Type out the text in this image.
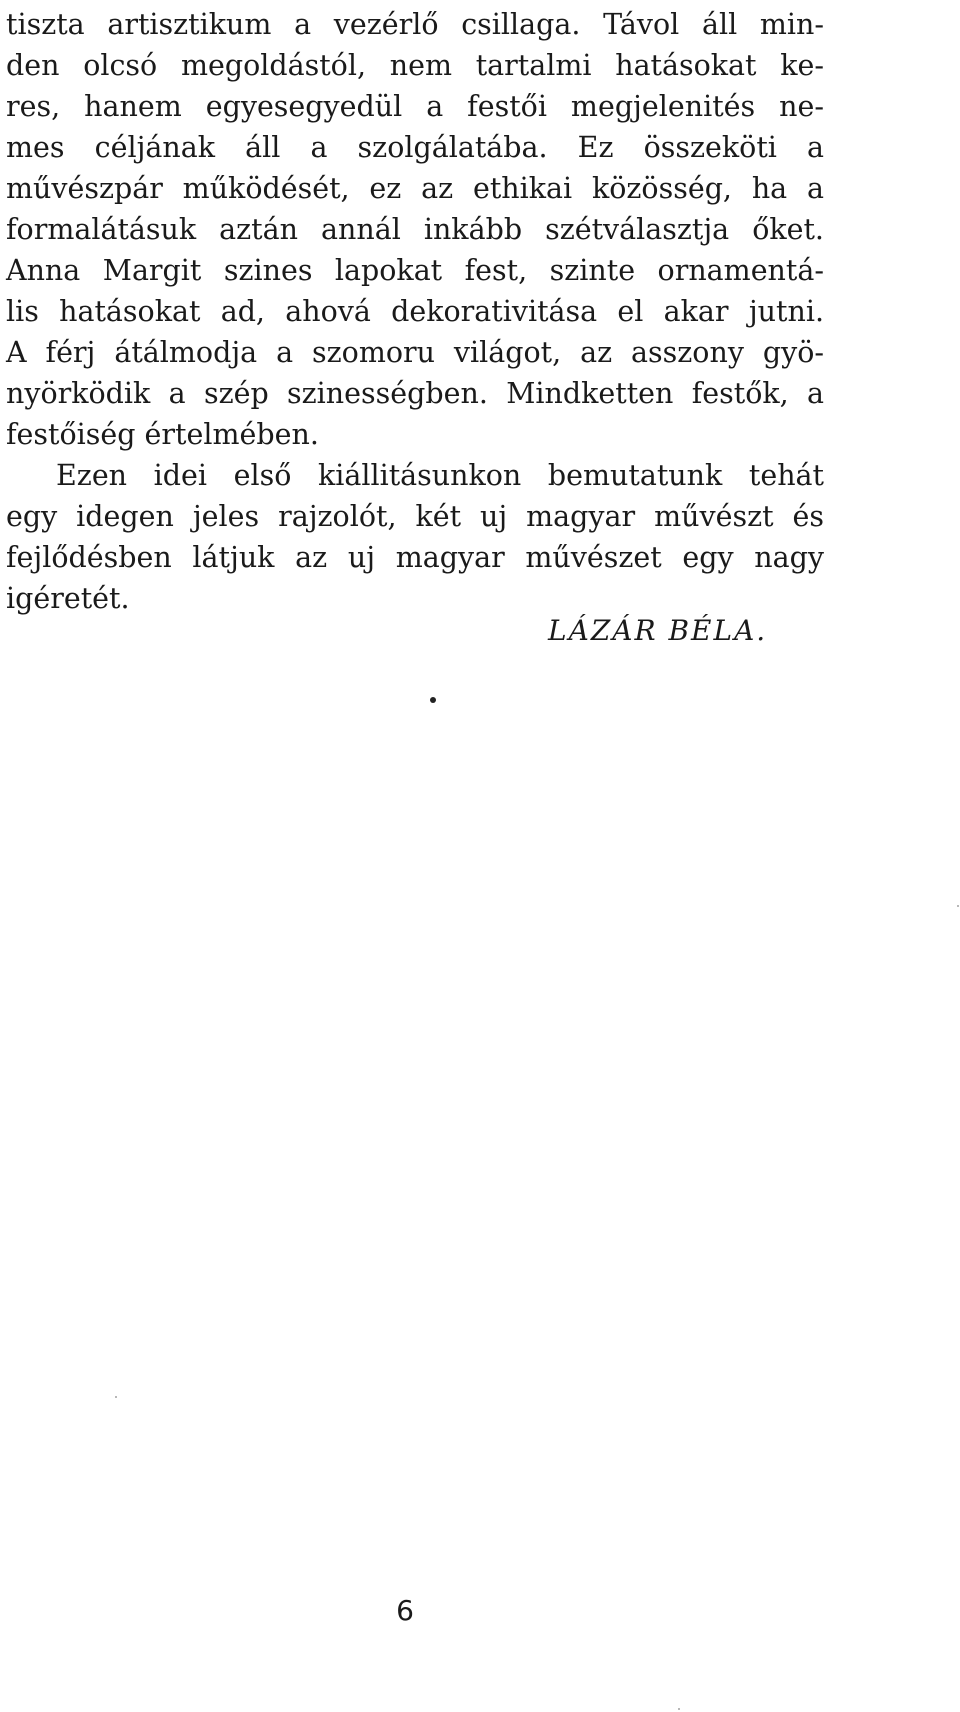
tiszta artisztikum a vezérlő csillaga. Távol áll min-
den olcsó megoldástól, nem tartalmi hatásokat ke-
res, hanem egyesegyedül a festői megjelenités ne-
mes céljának áll a szolgálatába. Ez összeköti a
művészpár működését, ez az ethikai közösség, ha a
formalátásuk aztán annál inkább szétválasztja őket.
Anna Margit szines lapokat fest, szinte ornamentá-
lis hatásokat ad, ahová dekorativitása el akar jutni.
A férj átálmodja a szomoru világot, az asszony gyö-
nyörködik a szép szinességben. Mindketten festők, a
festőiség értelmében.
Ezen idei első kiállitásunkon bemutatunk tehát
egy idegen jeles rajzolót, két uj magyar művészt és
fejlődésben látjuk az uj magyar művészet egy nagy
igéretét.
LÁZÁR BÉLA.
6
